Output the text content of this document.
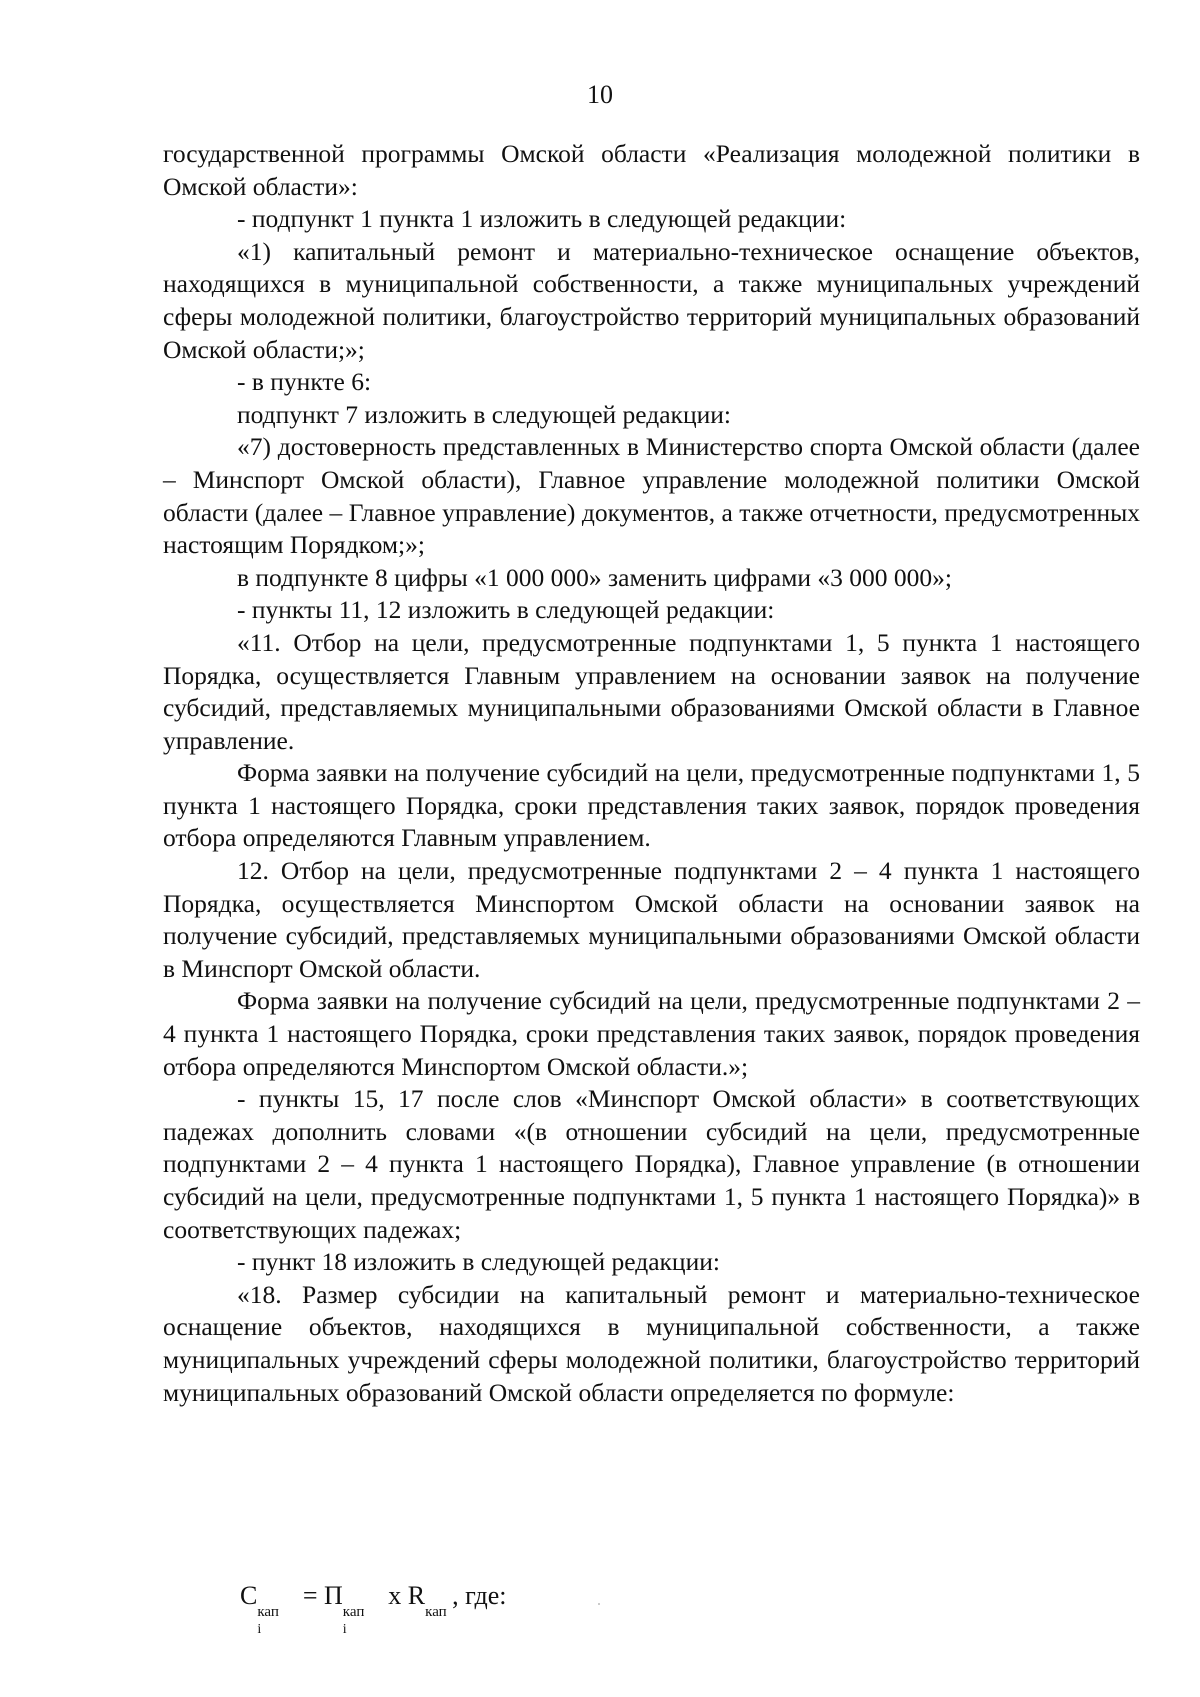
10

государственной программы Омской области «Реализация молодежной политики в Омской области»:

- подпункт 1 пункта 1 изложить в следующей редакции:

«1) капитальный ремонт и материально-техническое оснащение объектов, находящихся в муниципальной собственности, а также муниципальных учреждений сферы молодежной политики, благоустройство территорий муниципальных образований Омской области;»;

- в пункте 6:

подпункт 7 изложить в следующей редакции:

«7) достоверность представленных в Министерство спорта Омской области (далее – Минспорт Омской области), Главное управление молодежной политики Омской области (далее – Главное управление) документов, а также отчетности, предусмотренных настоящим Порядком;»;

в подпункте 8 цифры «1 000 000» заменить цифрами «3 000 000»;

- пункты 11, 12 изложить в следующей редакции:

«11. Отбор на цели, предусмотренные подпунктами 1, 5 пункта 1 настоящего Порядка, осуществляется Главным управлением на основании заявок на получение субсидий, представляемых муниципальными образованиями Омской области в Главное управление.

Форма заявки на получение субсидий на цели, предусмотренные подпунктами 1, 5 пункта 1 настоящего Порядка, сроки представления таких заявок, порядок проведения отбора определяются Главным управлением.

12. Отбор на цели, предусмотренные подпунктами 2 – 4 пункта 1 настоящего Порядка, осуществляется Минспортом Омской области на основании заявок на получение субсидий, представляемых муниципальными образованиями Омской области в Минспорт Омской области.

Форма заявки на получение субсидий на цели, предусмотренные подпунктами 2 – 4 пункта 1 настоящего Порядка, сроки представления таких заявок, порядок проведения отбора определяются Минспортом Омской области.»;

- пункты 15, 17 после слов «Минспорт Омской области» в соответствующих падежах дополнить словами «(в отношении субсидий на цели, предусмотренные подпунктами 2 – 4 пункта 1 настоящего Порядка), Главное управление (в отношении субсидий на цели, предусмотренные подпунктами 1, 5 пункта 1 настоящего Порядка)» в соответствующих падежах;

- пункт 18 изложить в следующей редакции:

«18. Размер субсидии на капитальный ремонт и материально-техническое оснащение объектов, находящихся в муниципальной собственности, а также муниципальных учреждений сферы молодежной политики, благоустройство территорий муниципальных образований Омской области определяется по формуле:

C
кап
i
= П
кап
i
x R
кап
, где:
